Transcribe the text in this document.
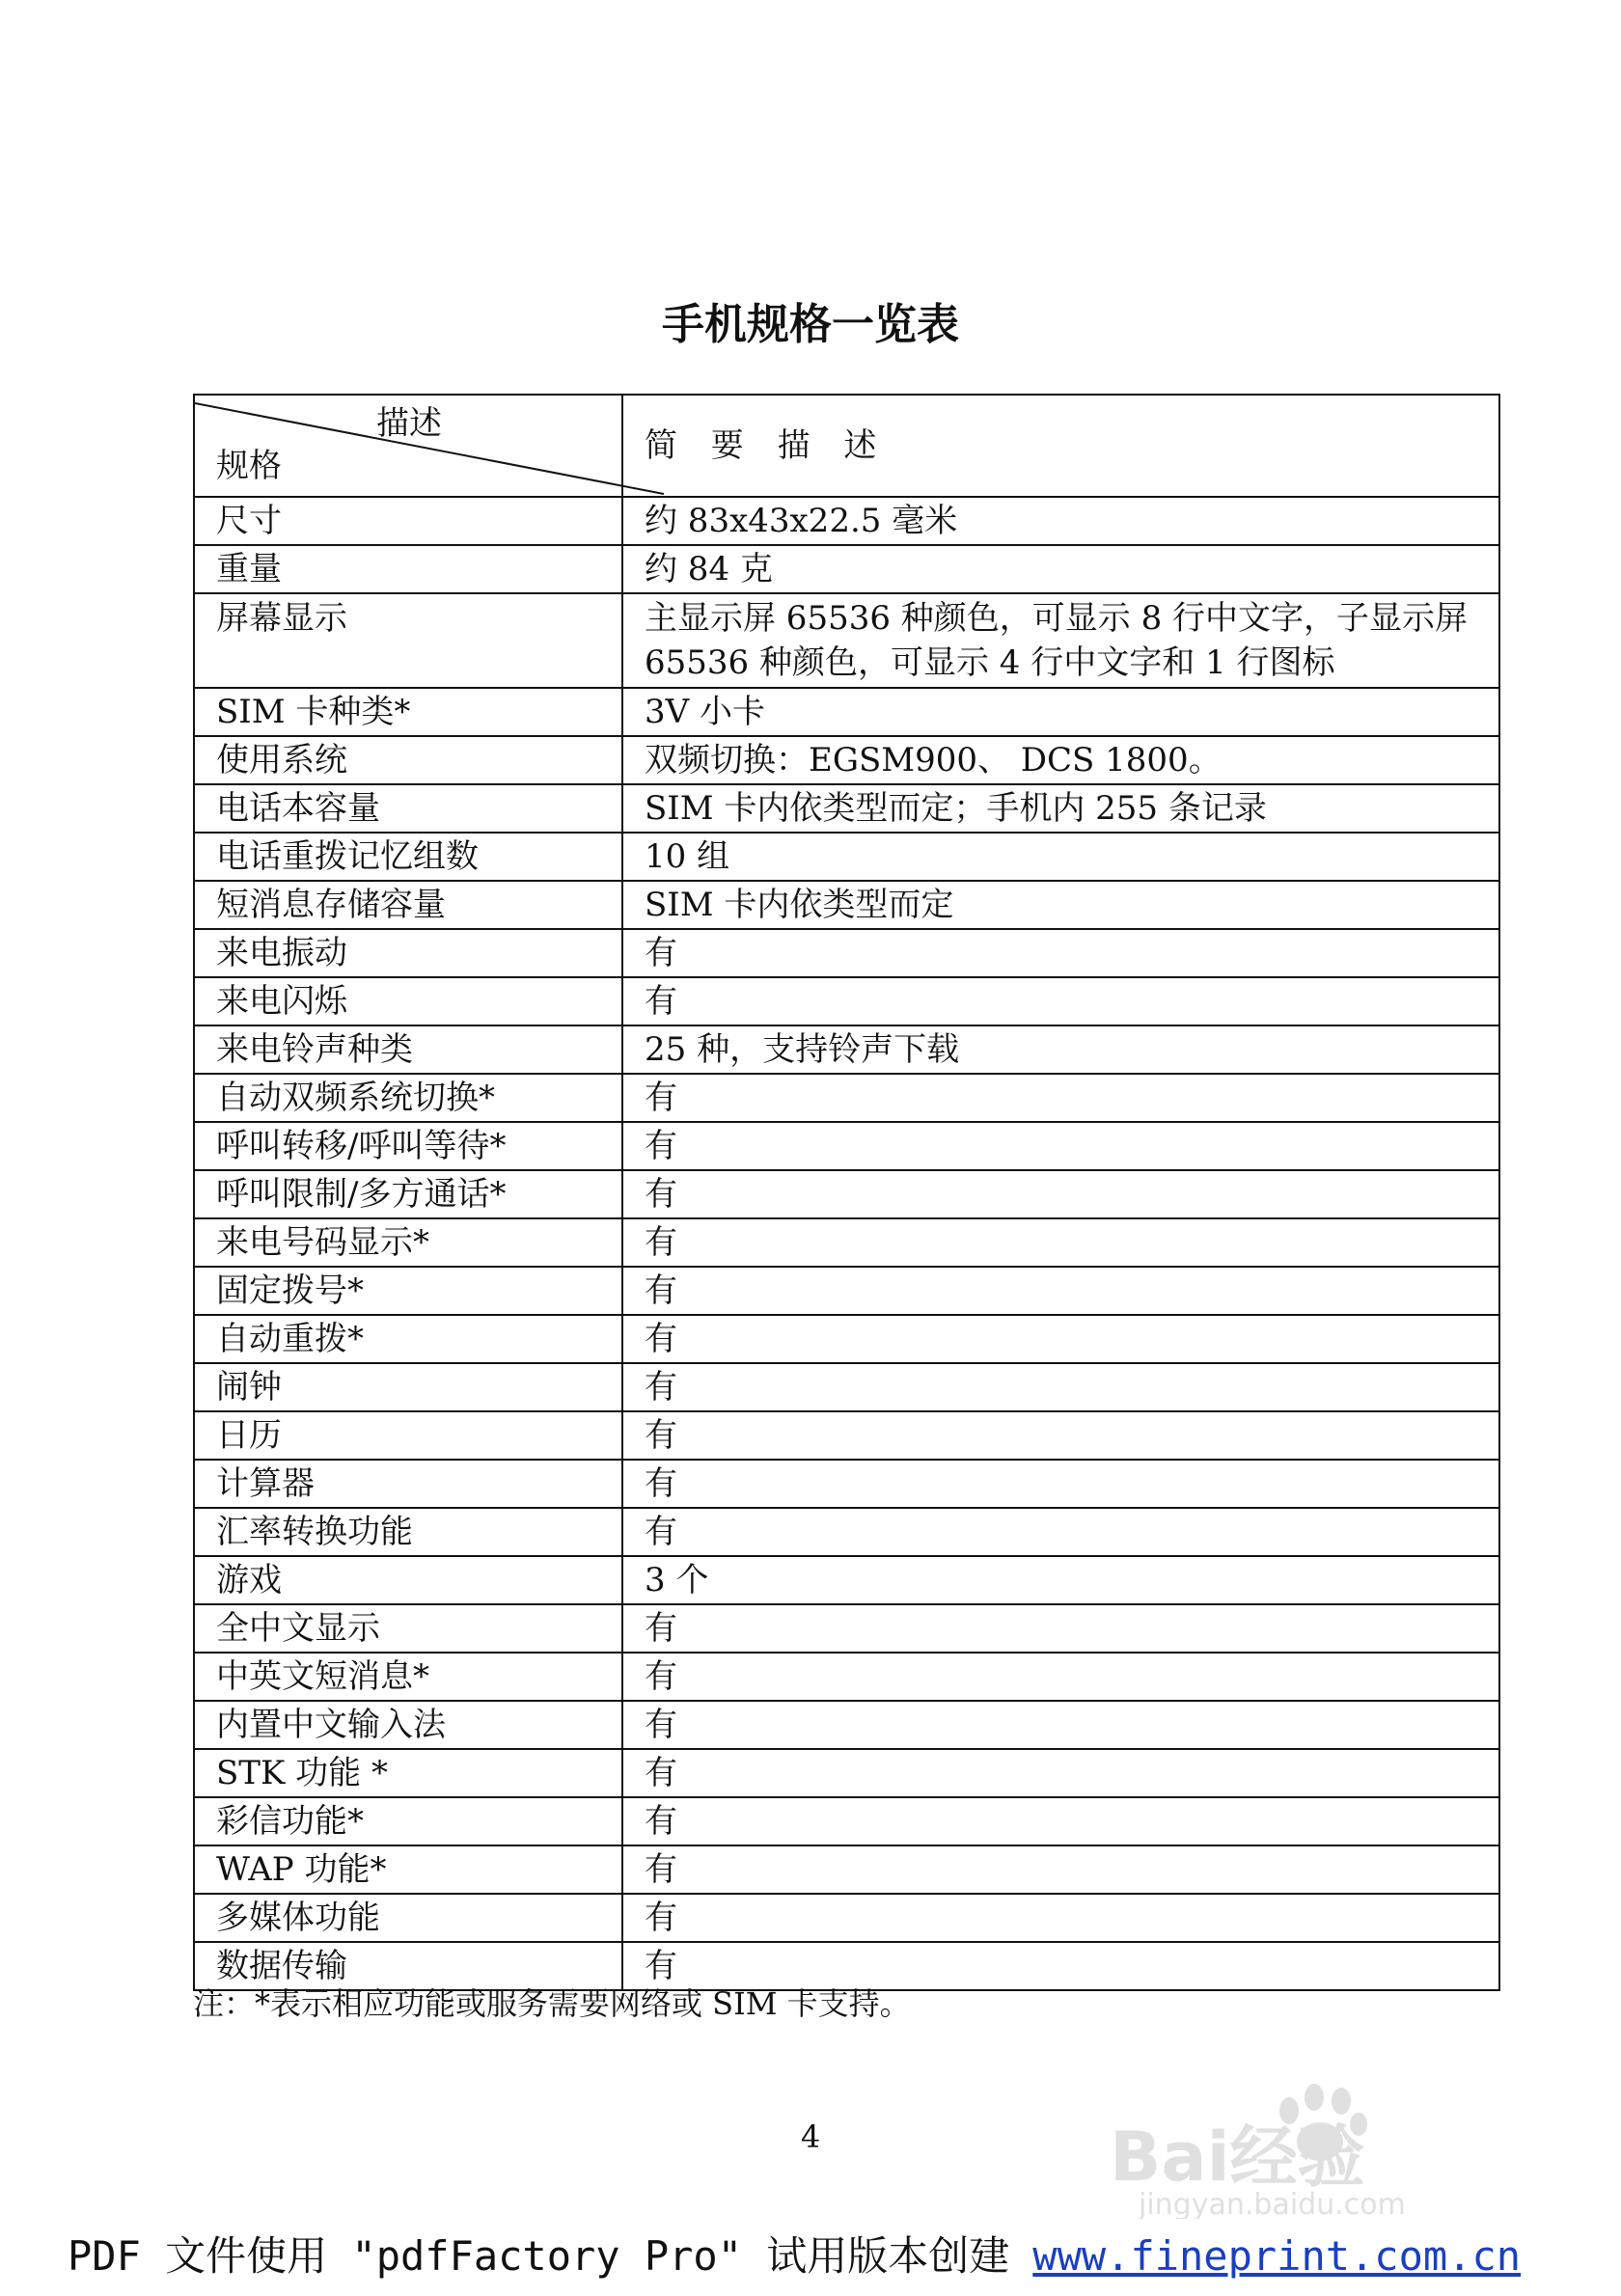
手机规格一览表
描述
规格	简 要 描 述
尺寸	约 83x43x22.5 毫米
重量	约 84 克
屏幕显示	主显示屏 65536 种颜色，可显示 8 行中文字，子显示屏 65536 种颜色，可显示 4 行中文字和 1 行图标
SIM 卡种类*	3V 小卡
使用系统	双频切换：EGSM900、 DCS 1800。
电话本容量	SIM 卡内依类型而定；手机内 255 条记录
电话重拨记忆组数	10 组
短消息存储容量	SIM 卡内依类型而定
来电振动	有
来电闪烁	有
来电铃声种类	25 种，支持铃声下载
自动双频系统切换*	有
呼叫转移/呼叫等待*	有
呼叫限制/多方通话*	有
来电号码显示*	有
固定拨号*	有
自动重拨*	有
闹钟	有
日历	有
计算器	有
汇率转换功能	有
游戏	3 个
全中文显示	有
中英文短消息*	有
内置中文输入法	有
STK 功能 *	有
彩信功能*	有
WAP 功能*	有
多媒体功能	有
数据传输	有
注：*表示相应功能或服务需要网络或 SIM 卡支持。
4
PDF 文件使用 "pdfFactory Pro" 试用版本创建 www.fineprint.com.cn
Bai经验
jingyan.baidu.com
